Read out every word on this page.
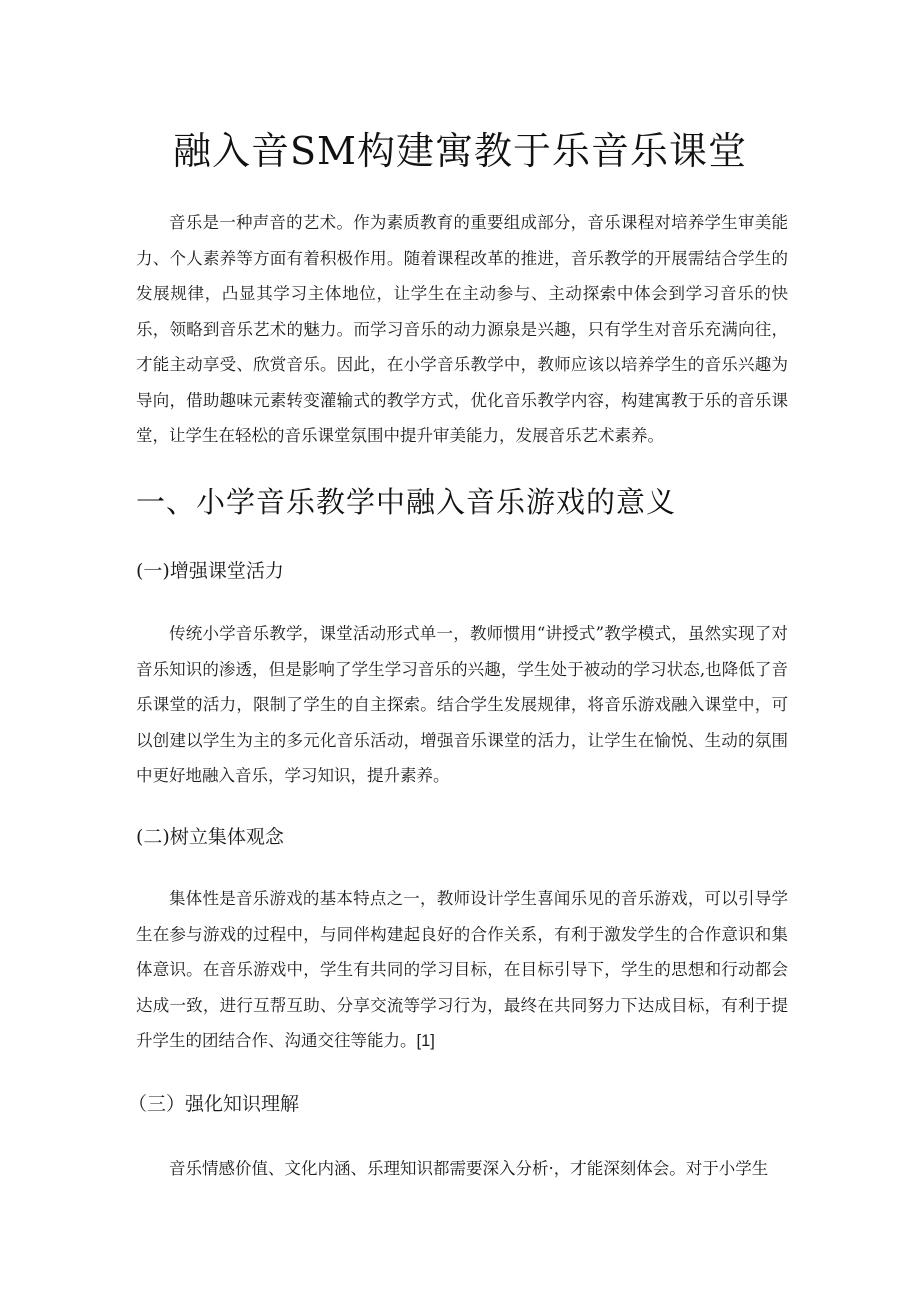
融入音SM构建寓教于乐音乐课堂

音乐是一种声音的艺术。作为素质教育的重要组成部分，音乐课程对培养学生审美能力、个人素养等方面有着积极作用。随着课程改革的推进，音乐教学的开展需结合学生的发展规律，凸显其学习主体地位，让学生在主动参与、主动探索中体会到学习音乐的快乐，领略到音乐艺术的魅力。而学习音乐的动力源泉是兴趣，只有学生对音乐充满向往，才能主动享受、欣赏音乐。因此，在小学音乐教学中，教师应该以培养学生的音乐兴趣为导向，借助趣味元素转变灌输式的教学方式，优化音乐教学内容，构建寓教于乐的音乐课堂，让学生在轻松的音乐课堂氛围中提升审美能力，发展音乐艺术素养。

一、小学音乐教学中融入音乐游戏的意义
(一)增强课堂活力

传统小学音乐教学，课堂活动形式单一，教师惯用“讲授式”教学模式，虽然实现了对音乐知识的渗透，但是影响了学生学习音乐的兴趣，学生处于被动的学习状态,也降低了音乐课堂的活力，限制了学生的自主探索。结合学生发展规律，将音乐游戏融入课堂中，可以创建以学生为主的多元化音乐活动，增强音乐课堂的活力，让学生在愉悦、生动的氛围中更好地融入音乐，学习知识，提升素养。

(二)树立集体观念

集体性是音乐游戏的基本特点之一，教师设计学生喜闻乐见的音乐游戏，可以引导学生在参与游戏的过程中，与同伴构建起良好的合作关系，有利于激发学生的合作意识和集体意识。在音乐游戏中，学生有共同的学习目标，在目标引导下，学生的思想和行动都会达成一致，进行互帮互助、分享交流等学习行为，最终在共同努力下达成目标，有利于提升学生的团结合作、沟通交往等能力。[1]

（三）强化知识理解

音乐情感价值、文化内涵、乐理知识都需要深入分析·，才能深刻体会。对于小学生
